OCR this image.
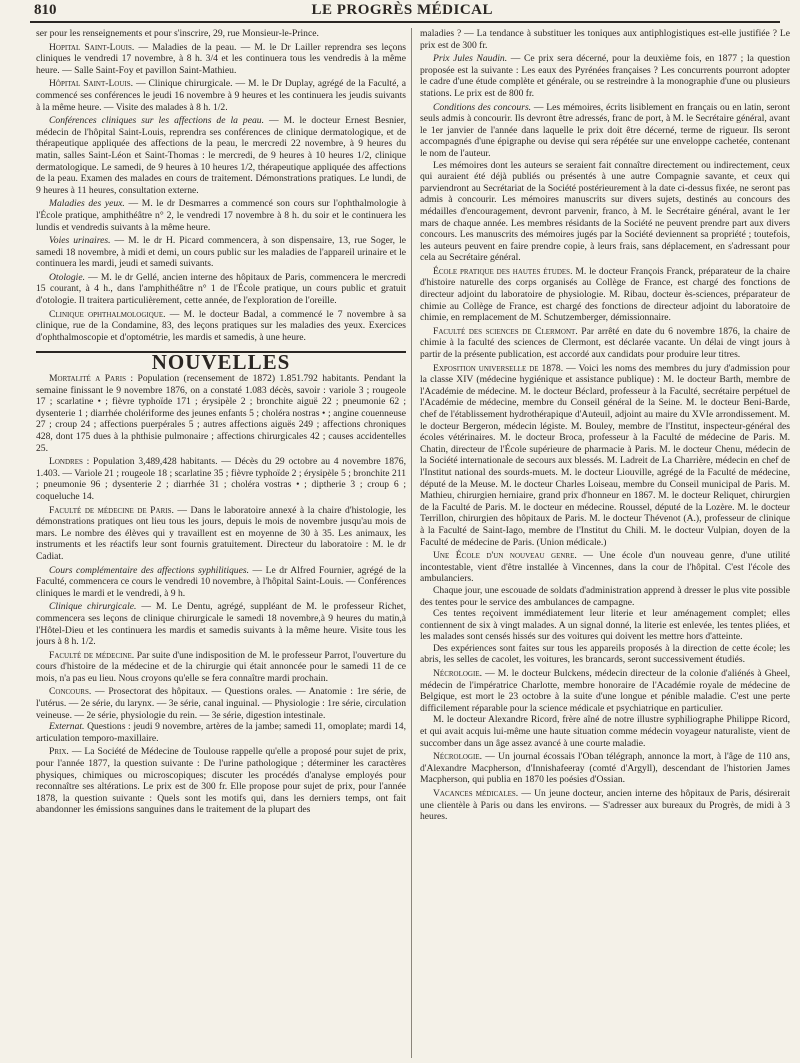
810	LE PROGRÈS MÉDICAL

ser pour les renseignements et pour s'inscrire, 29, rue Monsieur-le-Prince.

Hopital Saint-Louis. — Maladies de la peau. — M. le Dr Lailler reprendra ses leçons cliniques le vendredi 17 novembre, à 8 h. 3/4 et les continuera tous les vendredis à la même heure. — Salle Saint-Foy et pavillon Saint-Mathieu.

Hôpital Saint-Louis. — Clinique chirurgicale. — M. le Dr Duplay, agrégé de la Faculté, a commencé ses conférences le jeudi 16 novembre à 9 heures et les continuera les jeudis suivants à la même heure. — Visite des malades à 8 h. 1/2.

Conférences cliniques sur les affections de la peau. — M. le docteur Ernest Besnier, médecin de l'hôpital Saint-Louis, reprendra ses conférences de clinique dermatologique, et de thérapeutique appliquée des affections de la peau, le mercredi 22 novembre, à 9 heures du matin, salles Saint-Léon et Saint-Thomas : le mercredi, de 9 heures à 10 heures 1/2, clinique dermatologique. Le samedi, de 9 heures à 10 heures 1/2, thérapeutique appliquée des affections de la peau. Examen des malades en cours de traitement. Démonstrations pratiques. Le lundi, de 9 heures à 11 heures, consultation externe.

Maladies des yeux. — M. le dr Desmarres a commencé son cours sur l'ophthalmologie à l'École pratique, amphithéâtre n° 2, le vendredi 17 novembre à 8 h. du soir et le continuera les lundis et vendredis suivants à la même heure.

Voies urinaires. — M. le dr H. Picard commencera, à son dispensaire, 13, rue Soger, le samedi 18 novembre, à midi et demi, un cours public sur les maladies de l'appareil urinaire et le continuera les mardi, jeudi et samedi suivants.

Otologie. — M. le dr Gellé, ancien interne des hôpitaux de Paris, commencera le mercredi 15 courant, à 4 h., dans l'amphithéâtre n° 1 de l'École pratique, un cours public et gratuit d'otologie. Il traitera particulièrement, cette année, de l'exploration de l'oreille.

Clinique ophthalmologique. — M. le docteur Badal, a commencé le 7 novembre à sa clinique, rue de la Condamine, 83, des leçons pratiques sur les maladies des yeux. Exercices d'ophthalmoscopie et d'optométrie, les mardis et samedis, à une heure.

NOUVELLES

Mortalité a Paris : Population (recensement de 1872) 1.851.792 habitants. Pendant la semaine finissant le 9 novembre 1876, on a constaté 1.083 décès, savoir : variole 3 ; rougeole 17 ; scarlatine • ; fièvre typhoïde 171 ; érysipèle 2 ; bronchite aiguë 22 ; pneumonie 62 ; dysenterie 1 ; diarrhée cholériforme des jeunes enfants 5 ; choléra nostras • ; angine couenneuse 27 ; croup 24 ; affections puerpérales 5 ; autres affections aiguës 249 ; affections chroniques 428, dont 175 dues à la phthisie pulmonaire ; affections chirurgicales 42 ; causes accidentelles 25.

Londres : Population 3,489,428 habitants. — Décès du 29 octobre au 4 novembre 1876, 1.403. — Variole 21 ; rougeole 18 ; scarlatine 35 ; fièvre typhoïde 2 ; érysipèle 5 ; bronchite 211 ; pneumonie 96 ; dysenterie 2 ; diarrhée 31 ; choléra vostras • ; diptherie 3 ; croup 6 ; coqueluche 14.

Faculté de médecine de Paris. — Dans le laboratoire annexé à la chaire d'histologie, les démonstrations pratiques ont lieu tous les jours, depuis le mois de novembre jusqu'au mois de mars. Le nombre des élèves qui y travaillent est en moyenne de 30 à 35. Les animaux, les instruments et les réactifs leur sont fournis gratuitement. Directeur du laboratoire : M. le dr Cadiat.

Cours complémentaire des affections syphilitiques. — Le dr Alfred Fournier, agrégé de la Faculté, commencera ce cours le vendredi 10 novembre, à l'hôpital Saint-Louis. — Conférences cliniques le mardi et le vendredi, à 9 h.

Clinique chirurgicale. — M. Le Dentu, agrégé, suppléant de M. le professeur Richet, commencera ses leçons de clinique chirurgicale le samedi 18 novembre,à 9 heures du matin,à l'Hôtel-Dieu et les continuera les mardis et samedis suivants à la même heure. Visite tous les jours à 8 h. 1/2.

Faculté de médecine. Par suite d'une indisposition de M. le professeur Parrot, l'ouverture du cours d'histoire de la médecine et de la chirurgie qui était annoncée pour le samedi 11 de ce mois, n'a pas eu lieu. Nous croyons qu'elle se fera connaître mardi prochain.

Concours. — Prosectorat des hôpitaux. — Questions orales. — Anatomie : 1re série, de l'utérus. — 2e série, du larynx. — 3e série, canal inguinal. — Physiologie : 1re série, circulation veineuse. — 2e série, physiologie du rein. — 3e série, digestion intestinale.

Externat. Questions : jeudi 9 novembre, artères de la jambe; samedi 11, omoplate; mardi 14, articulation temporo-maxillaire.

Prix. — La Société de Médecine de Toulouse rappelle qu'elle a proposé pour sujet de prix, pour l'année 1877, la question suivante : De l'urine pathologique ; déterminer les caractères physiques, chimiques ou microscopiques; discuter les procédés d'analyse employés pour reconnaître ses altérations. Le prix est de 300 fr. Elle propose pour sujet de prix, pour l'année 1878, la question suivante : Quels sont les motifs qui, dans les derniers temps, ont fait abandonner les émissions sanguines dans le traitement de la plupart des

maladies ? — La tendance à substituer les toniques aux antiphlogistiques est-elle justifiée ? Le prix est de 300 fr.

Prix Jules Naudin. — Ce prix sera décerné, pour la deuxième fois, en 1877 ; la question proposée est la suivante : Les eaux des Pyrénées françaises ? Les concurrents pourront adopter le cadre d'une étude complète et générale, ou se restreindre à la monographie d'une ou plusieurs stations. Le prix est de 800 fr.

Conditions des concours. — Les mémoires, écrits lisiblement en français ou en latin, seront seuls admis à concourir. Ils devront être adressés, franc de port, à M. le Secrétaire général, avant le 1er janvier de l'année dans laquelle le prix doit être décerné, terme de rigueur. Ils seront accompagnés d'une épigraphe ou devise qui sera répétée sur une enveloppe cachetée, contenant le nom de l'auteur.

Les mémoires dont les auteurs se seraient fait connaître directement ou indirectement, ceux qui auraient été déjà publiés ou présentés à une autre Compagnie savante, et ceux qui parviendront au Secrétariat de la Société postérieurement à la date ci-dessus fixée, ne seront pas admis à concourir. Les mémoires manuscrits sur divers sujets, destinés au concours des médailles d'encouragement, devront parvenir, franco, à M. le Secrétaire général, avant le 1er mars de chaque année. Les membres résidants de la Société ne peuvent prendre part aux divers concours. Les manuscrits des mémoires jugés par la Société deviennent sa propriété ; toutefois, les auteurs peuvent en faire prendre copie, à leurs frais, sans déplacement, en s'adressant pour cela au Secrétaire général.

École pratique des hautes études. M. le docteur François Franck, préparateur de la chaire d'histoire naturelle des corps organisés au Collège de France, est chargé des fonctions de directeur adjoint du laboratoire de physiologie. M. Ribau, docteur ès-sciences, préparateur de chimie au Collège de France, est chargé des fonctions de directeur adjoint du laboratoire de chimie, en remplacement de M. Schutzemberger, démissionnaire.

Faculté des sciences de Clermont. Par arrêté en date du 6 novembre 1876, la chaire de chimie à la faculté des sciences de Clermont, est déclarée vacante. Un délai de vingt jours à partir de la présente publication, est accordé aux candidats pour produire leur titres.

Exposition universelle de 1878. — Voici les noms des membres du jury d'admission pour la classe XIV (médecine hygiénique et assistance publique) : M. le docteur Barth, membre de l'Académie de médecine. M. le docteur Béclard, professeur à la Faculté, secrétaire perpétuel de l'Académie de médecine, membre du Conseil général de la Seine. M. le docteur Beni-Barde, chef de l'établissement hydrothérapique d'Auteuil, adjoint au maire du XVIe arrondissement. M. le docteur Bergeron, médecin légiste. M. Bouley, membre de l'Institut, inspecteur-général des écoles vétérinaires. M. le docteur Broca, professeur à la Faculté de médecine de Paris. M. Chatin, directeur de l'École supérieure de pharmacie à Paris. M. le docteur Chenu, médecin de la Société internationale de secours aux blessés. M. Ladreit de La Charrière, médecin en chef de l'Institut national des sourds-muets. M. le docteur Liouville, agrégé de la Faculté de médecine, député de la Meuse. M. le docteur Charles Loiseau, membre du Conseil municipal de Paris. M. Mathieu, chirurgien herniaire, grand prix d'honneur en 1867. M. le docteur Reliquet, chirurgien de la Faculté de Paris. M. le docteur en médecine. Roussel, député de la Lozère. M. le docteur Terrillon, chirurgien des hôpitaux de Paris. M. le docteur Thévenot (A.), professeur de clinique à la Faculté de Saint-Iago, membre de l'Institut du Chili. M. le docteur Vulpian, doyen de la Faculté de médecine de Paris. (Union médicale.)

Une École d'un nouveau genre. — Une école d'un nouveau genre, d'une utilité incontestable, vient d'être installée à Vincennes, dans la cour de l'hôpital. C'est l'école des ambulanciers.

Chaque jour, une escouade de soldats d'administration apprend à dresser le plus vite possible des tentes pour le service des ambulances de campagne.

Ces tentes reçoivent immédiatement leur literie et leur aménagement complet; elles contiennent de six à vingt malades. A un signal donné, la literie est enlevée, les tentes pliées, et les malades sont censés hissés sur des voitures qui doivent les mettre hors d'atteinte.

Des expériences sont faites sur tous les appareils proposés à la direction de cette école; les abris, les selles de cacolet, les voitures, les brancards, seront successivement étudiés.

Nécrologie. — M. le docteur Bulckens, médecin directeur de la colonie d'aliénés à Gheel, médecin de l'impératrice Charlotte, membre honoraire de l'Académie royale de médecine de Belgique, est mort le 23 octobre à la suite d'une longue et pénible maladie. C'est une perte difficilement réparable pour la science médicale et psychiatrique en particulier.

M. le docteur Alexandre Ricord, frère aîné de notre illustre syphiliographe Philippe Ricord, et qui avait acquis lui-même une haute situation comme médecin voyageur naturaliste, vient de succomber dans un âge assez avancé à une courte maladie.

Nécrologie. — Un journal écossais l'Oban télégraph, annonce la mort, à l'âge de 110 ans, d'Alexandre Macpherson, d'Innishafeeray (comté d'Argyll), descendant de l'historien James Macpherson, qui publia en 1870 les poésies d'Ossian.

Vacances médicales. — Un jeune docteur, ancien interne des hôpitaux de Paris, désirerait une clientèle à Paris ou dans les environs. — S'adresser aux bureaux du Progrès, de midi à 3 heures.
